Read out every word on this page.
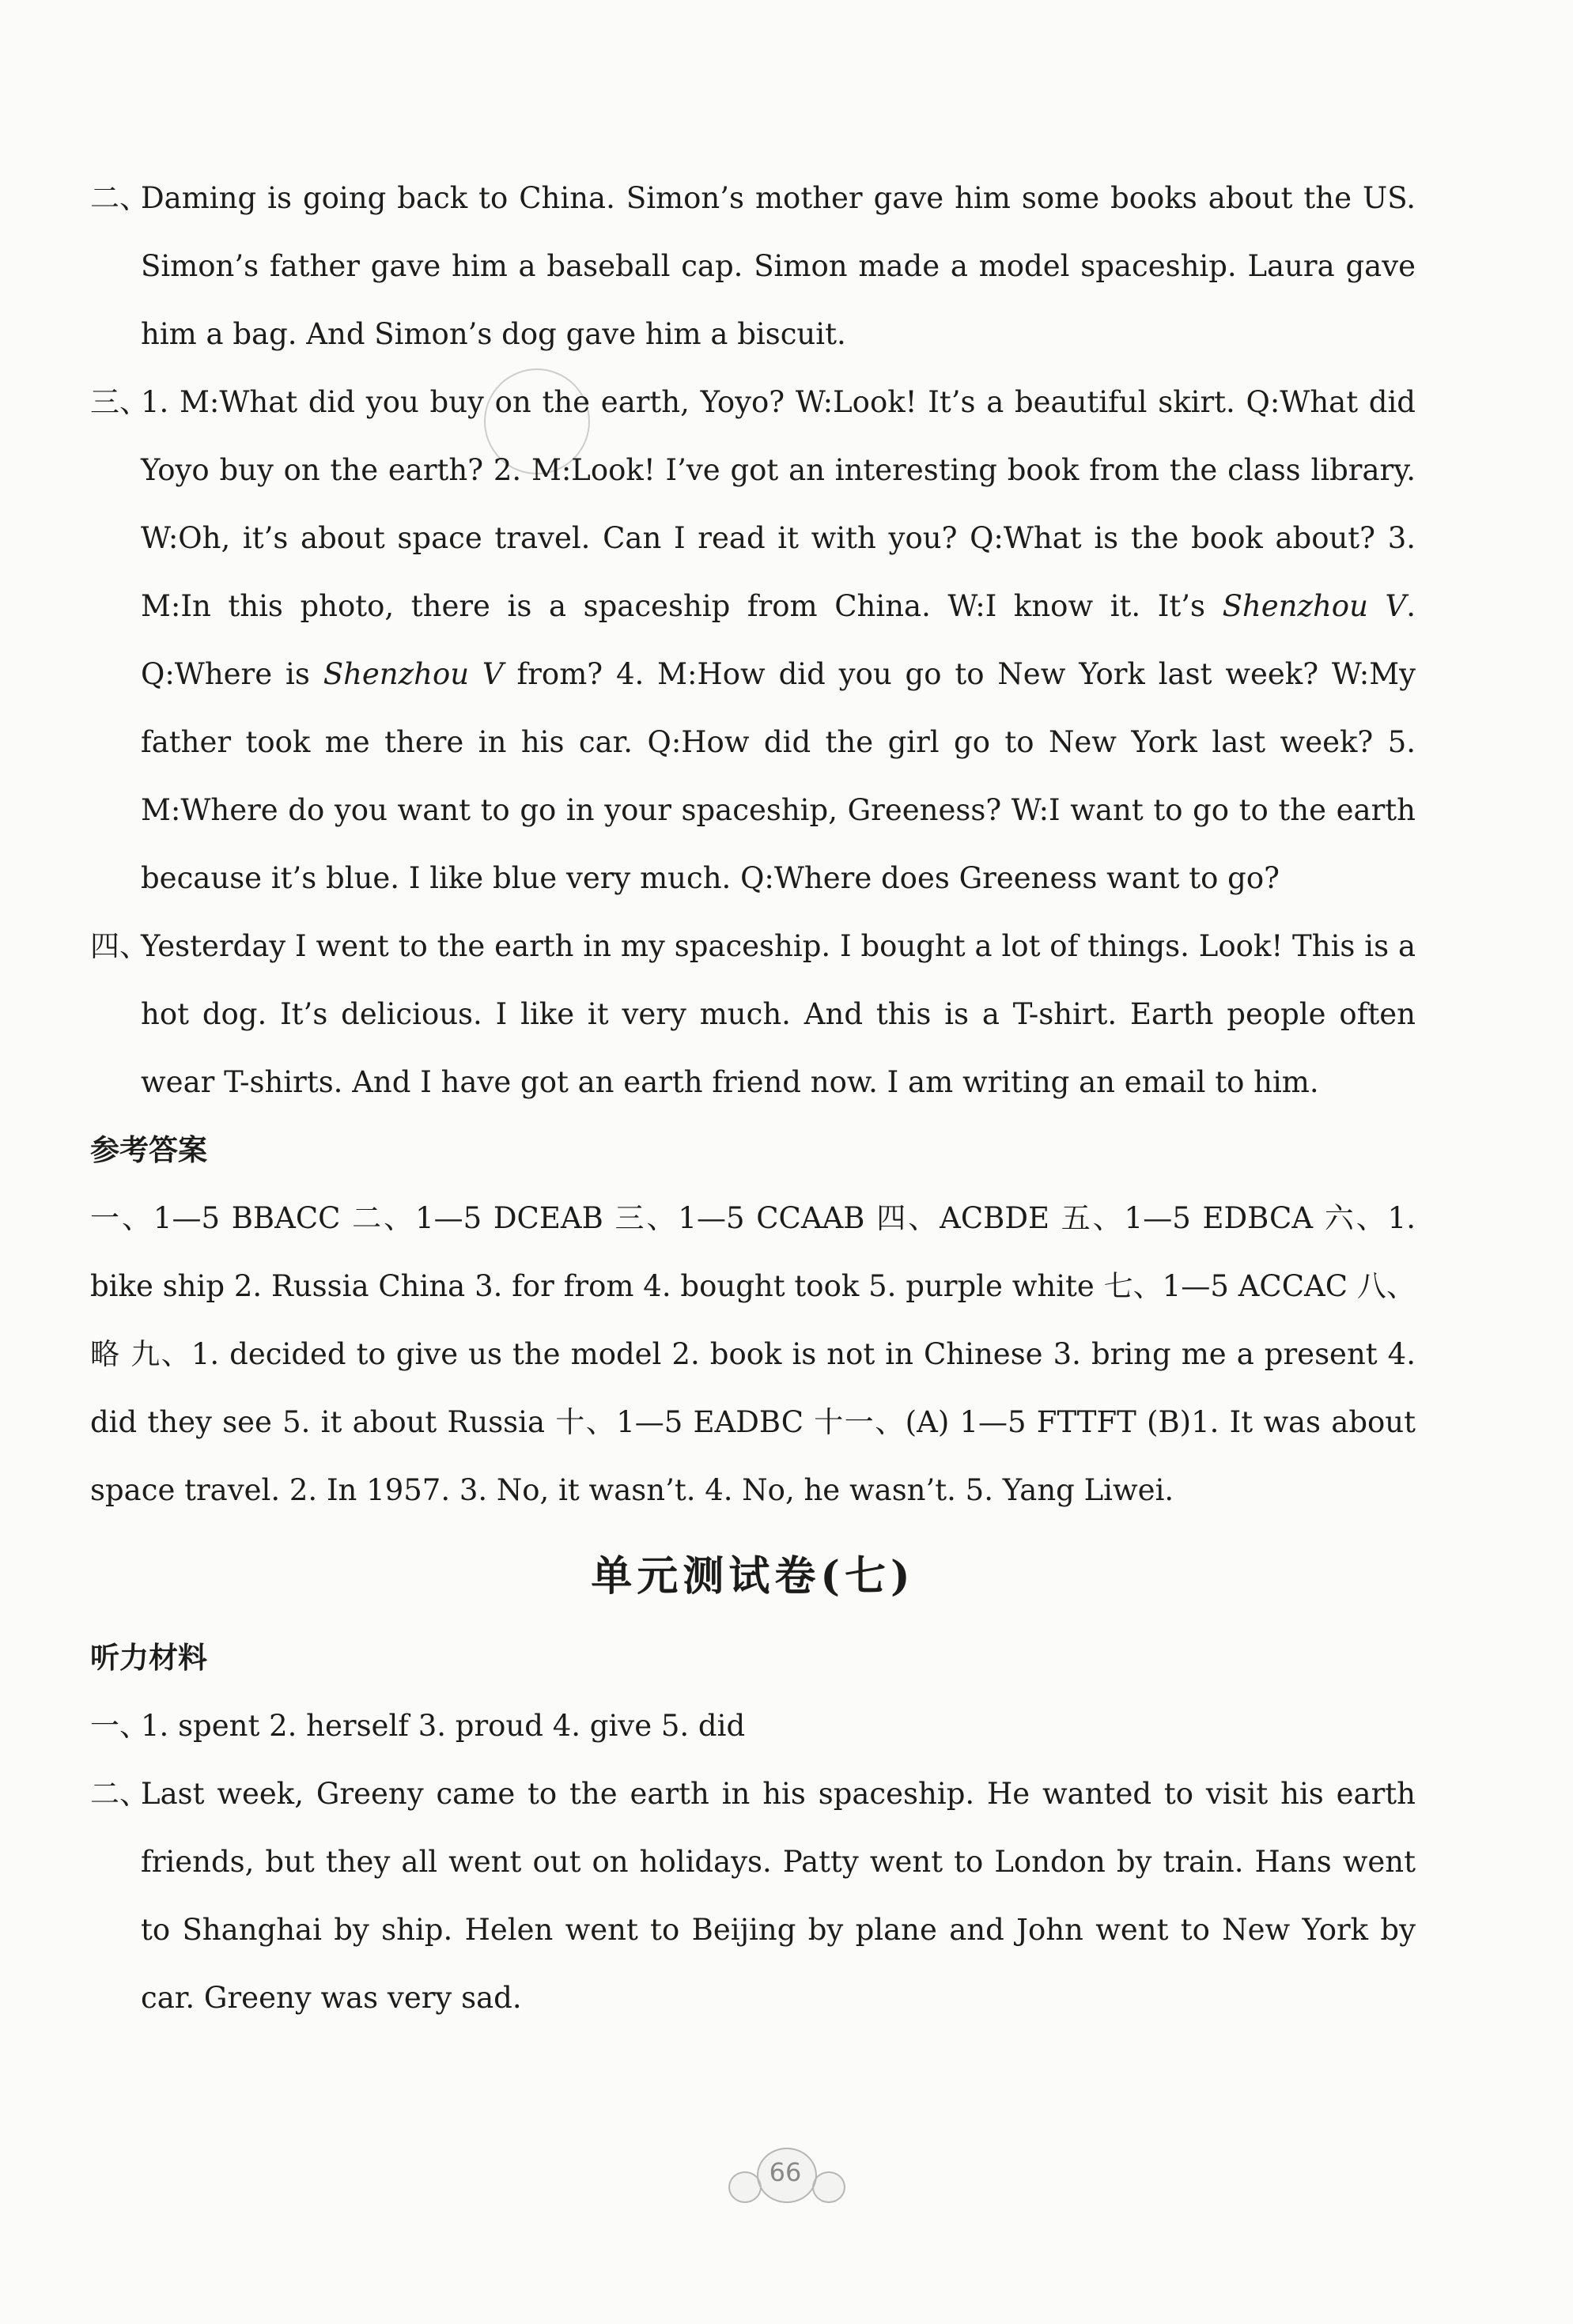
二、
Daming is going back to China. Simon’s mother gave him some books about the US. Simon’s father gave him a baseball cap. Simon made a model spaceship. Laura gave him a bag. And Simon’s dog gave him a biscuit.

三、
1. M:What did you buy on the earth, Yoyo? W:Look! It’s a beautiful skirt. Q:What did Yoyo buy on the earth? 2. M:Look! I’ve got an interesting book from the class library. W:Oh, it’s about space travel. Can I read it with you? Q:What is the book about? 3. M:In this photo, there is a spaceship from China. W:I know it. It’s Shenzhou V. Q:Where is Shenzhou V from? 4. M:How did you go to New York last week? W:My father took me there in his car. Q:How did the girl go to New York last week? 5. M:Where do you want to go in your spaceship, Greeness? W:I want to go to the earth because it’s blue. I like blue very much. Q:Where does Greeness want to go?

四、
Yesterday I went to the earth in my spaceship. I bought a lot of things. Look! This is a hot dog. It’s delicious. I like it very much. And this is a T-shirt. Earth people often wear T-shirts. And I have got an earth friend now. I am writing an email to him.

参考答案

一、1—5 BBACC 二、1—5 DCEAB 三、1—5 CCAAB 四、ACBDE 五、1—5 EDBCA 六、1. bike ship 2. Russia China 3. for from 4. bought took 5. purple white 七、1—5 ACCAC 八、略 九、1. decided to give us the model 2. book is not in Chinese 3. bring me a present 4. did they see 5. it about Russia 十、1—5 EADBC 十一、(A) 1—5 FTTFT (B)1. It was about space travel. 2. In 1957. 3. No, it wasn’t. 4. No, he wasn’t. 5. Yang Liwei.

单元测试卷(七)

听力材料

一、
1. spent 2. herself 3. proud 4. give 5. did

二、
Last week, Greeny came to the earth in his spaceship. He wanted to visit his earth friends, but they all went out on holidays. Patty went to London by train. Hans went to Shanghai by ship. Helen went to Beijing by plane and John went to New York by car. Greeny was very sad.

66
